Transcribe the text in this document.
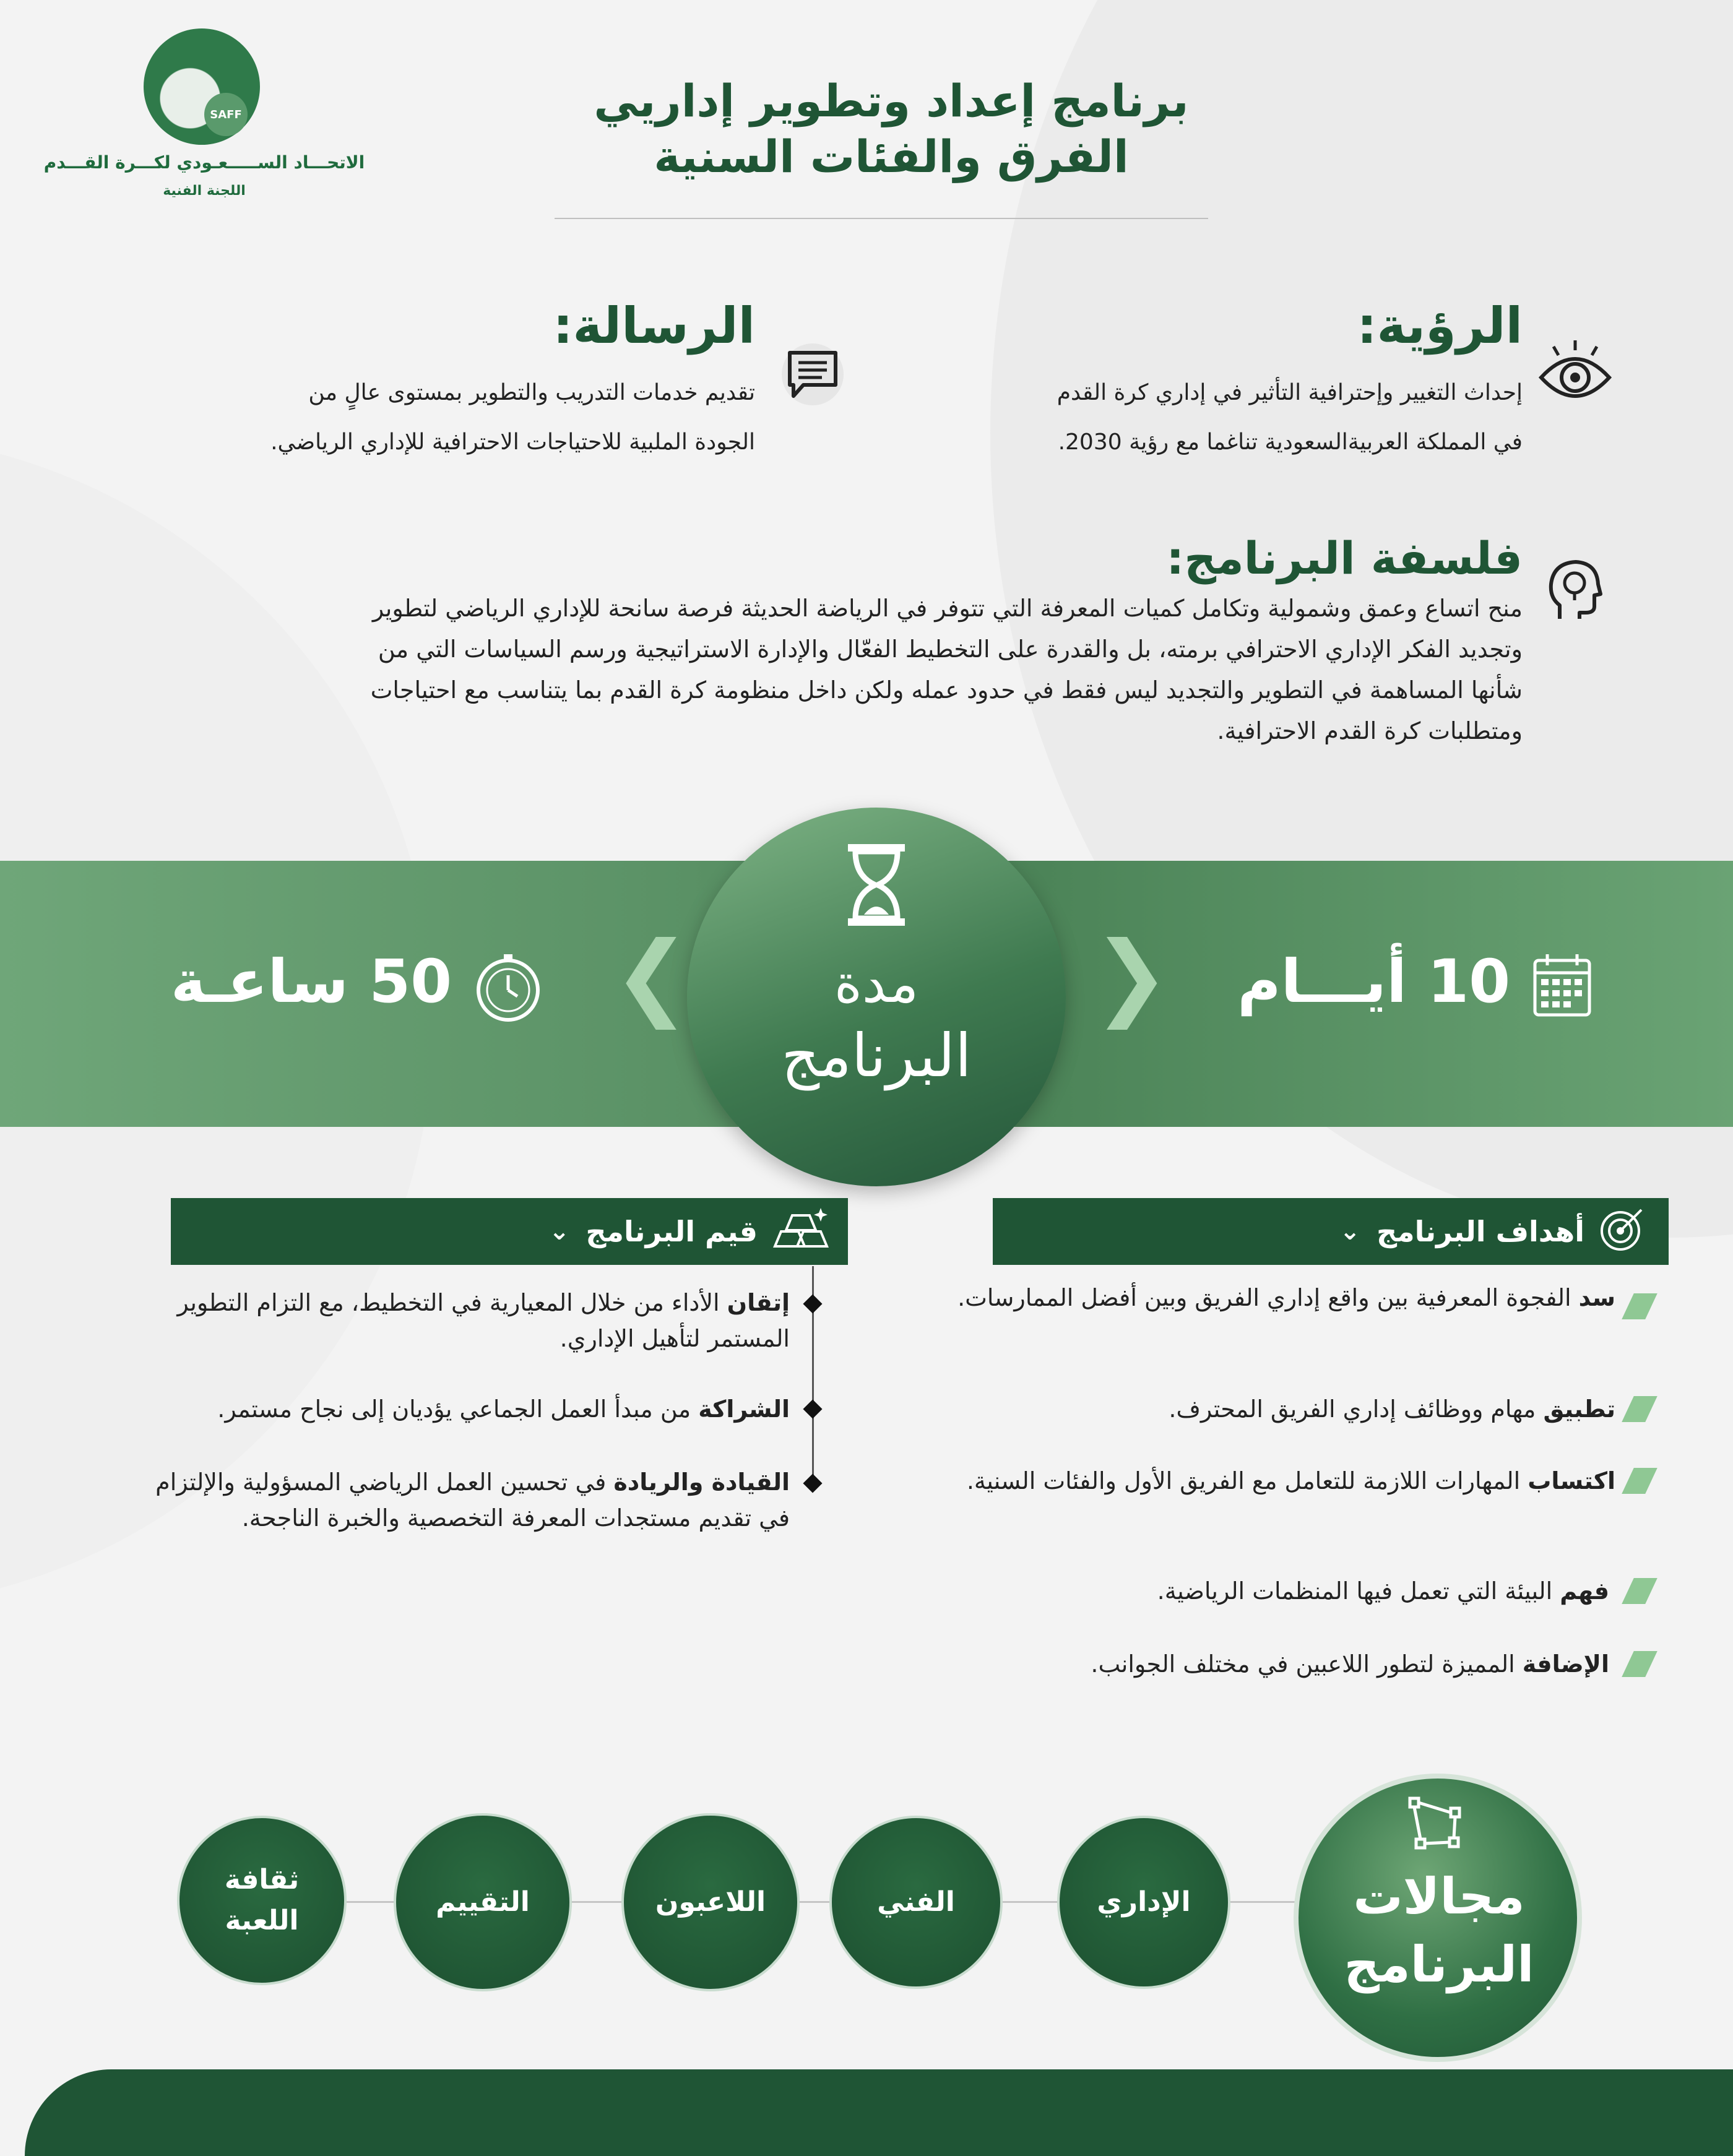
SAFF
الاتحـــاد الســـــعـودي لكـــرة القـــدم
اللجنة الفنية
برنامج إعداد وتطوير إداريي
الفرق والفئات السنية
الرؤية:
إحداث التغيير وإحترافية التأثير في إداري كرة القدم
في المملكة العربيةالسعودية تناغما مع رؤية 2030.
الرسالة:
تقديم خدمات التدريب والتطوير بمستوى عالٍ من
الجودة الملبية للاحتياجات الاحترافية للإداري الرياضي.
فلسفة البرنامج:
منح اتساع وعمق وشمولية وتكامل كميات المعرفة التي تتوفر في الرياضة الحديثة فرصة سانحة للإداري الرياضي لتطوير
وتجديد الفكر الإداري الاحترافي برمته، بل والقدرة على التخطيط الفعّال والإدارة الاستراتيجية ورسم السياسات التي من
شأنها المساهمة في التطوير والتجديد ليس فقط في حدود عمله ولكن داخل منظومة كرة القدم بما يتناسب مع احتياجات
ومتطلبات كرة القدم الاحترافية.
مدة
البرنامج
❯
❮	10 أيـــام
50 ساعـة
أهداف البرنامج
⌄
سد الفجوة المعرفية بين واقع إداري الفريق وبين أفضل الممارسات.
تطبيق مهام ووظائف إداري الفريق المحترف.
اكتساب المهارات اللازمة للتعامل مع الفريق الأول والفئات السنية.
فهم البيئة التي تعمل فيها المنظمات الرياضية.
الإضافة المميزة لتطور اللاعبين في مختلف الجوانب.
قيم البرنامج
⌄
إتقان الأداء من خلال المعيارية في التخطيط، مع التزام التطوير المستمر لتأهيل الإداري.
الشراكة من مبدأ العمل الجماعي يؤديان إلى نجاح مستمر.
القيادة والريادة في تحسين العمل الرياضي المسؤولية والإلتزام في تقديم مستجدات المعرفة التخصصية والخبرة الناجحة.
مجالات
البرنامج
الإداري
الفني
اللاعبون
التقييم
ثقافة اللعبة
